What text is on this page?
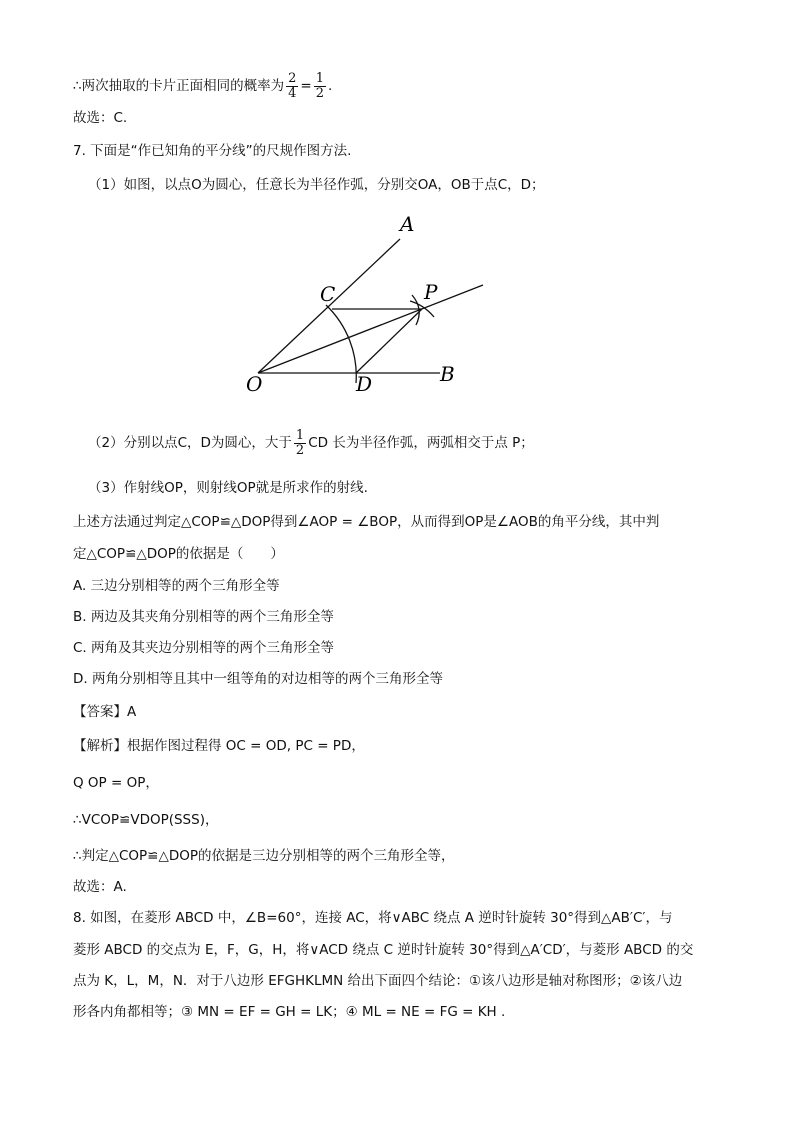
∴两次抽取的卡片正面相同的概率为 $\frac{2}{4} = \frac{1}{2}$ .
故选：C.
7. 下面是“作已知角的平分线”的尺规作图方法.
（1）如图，以点O为圆心，任意长为半径作弧，分别交OA，OB于点C，D；
A
B
C
D
O
P
（2）分别以点C，D为圆心，大于 $\frac{1}{2}$ CD 长为半径作弧，两弧相交于点 P；
（3）作射线OP，则射线OP就是所求作的射线.
上述方法通过判定△COP≌△DOP得到∠AOP = ∠BOP，从而得到OP是∠AOB的角平分线，其中判
定△COP≌△DOP的依据是（　　）
A. 三边分别相等的两个三角形全等
B. 两边及其夹角分别相等的两个三角形全等
C. 两角及其夹边分别相等的两个三角形全等
D. 两角分别相等且其中一组等角的对边相等的两个三角形全等
【答案】A
【解析】根据作图过程得 OC = OD, PC = PD，
Q OP = OP，
∴VCOP≌VDOP(SSS)，
∴判定△COP≌△DOP的依据是三边分别相等的两个三角形全等，
故选：A.
8. 如图，在菱形 ABCD 中，∠B=60°，连接 AC，将∨ABC 绕点 A 逆时针旋转 30°得到△AB′C′，与
菱形 ABCD 的交点为 E，F，G，H，将∨ACD 绕点 C 逆时针旋转 30°得到△A′CD′，与菱形 ABCD 的交
点为 K，L，M，N．对于八边形 EFGHKLMN 给出下面四个结论：①该八边形是轴对称图形；②该八边
形各内角都相等；③ MN = EF = GH = LK；④ ML = NE = FG = KH .
